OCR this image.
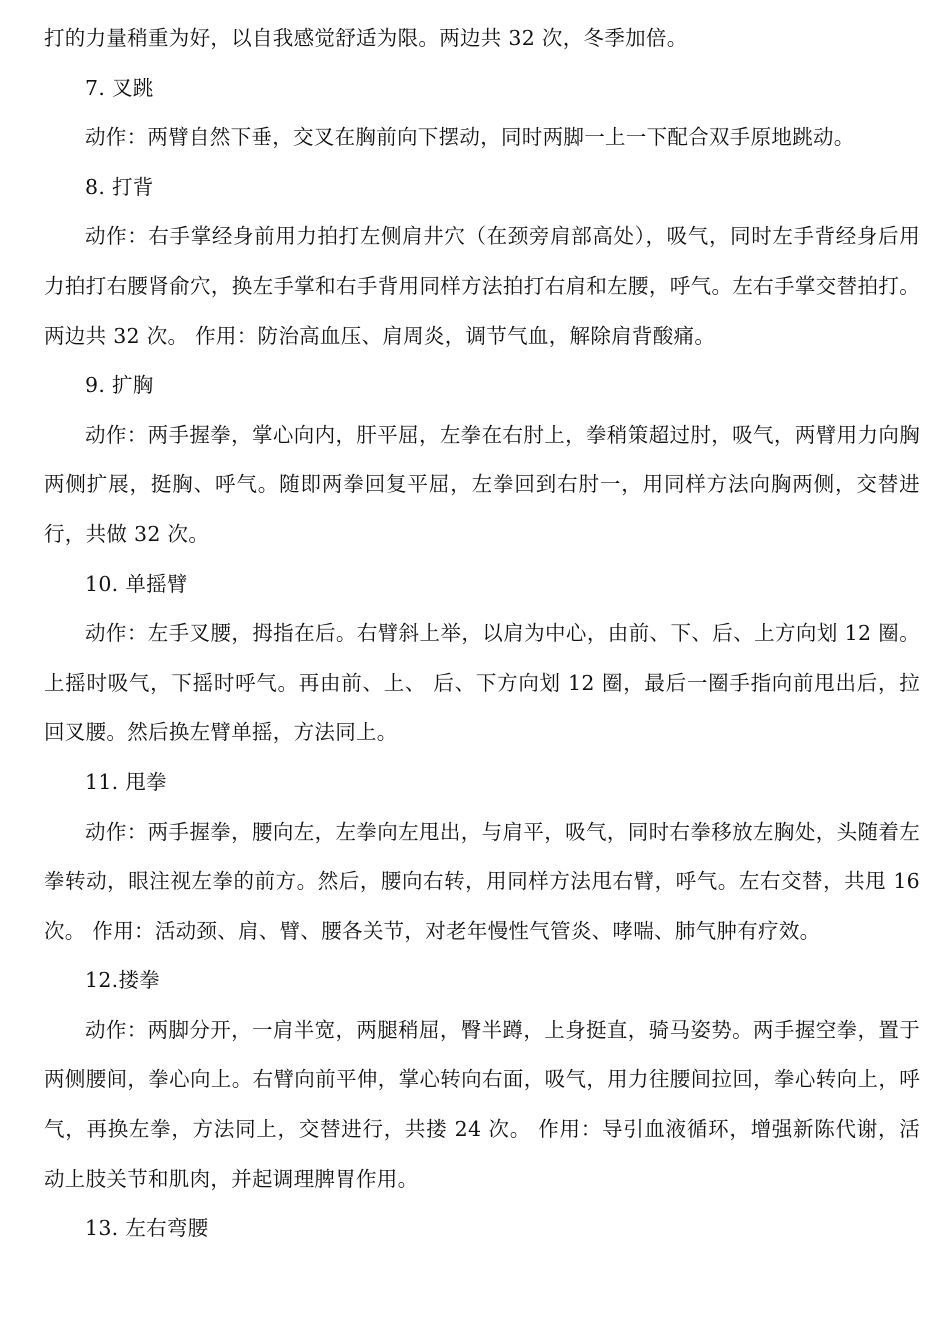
打的力量稍重为好，以自我感觉舒适为限。两边共 32 次，冬季加倍。

7. 叉跳

动作：两臂自然下垂，交叉在胸前向下摆动，同时两脚一上一下配合双手原地跳动。

8. 打背

动作：右手掌经身前用力拍打左侧肩井穴（在颈旁肩部高处），吸气，同时左手背经身后用力拍打右腰肾俞穴，换左手掌和右手背用同样方法拍打右肩和左腰，呼气。左右手掌交替拍打。两边共 32 次。 作用：防治高血压、肩周炎，调节气血，解除肩背酸痛。

9. 扩胸

动作：两手握拳，掌心向内，肝平屈，左拳在右肘上，拳稍策超过肘，吸气，两臂用力向胸两侧扩展，挺胸、呼气。随即两拳回复平屈，左拳回到右肘一，用同样方法向胸两侧，交替进行，共做 32 次。

10. 单摇臂

动作：左手叉腰，拇指在后。右臂斜上举，以肩为中心，由前、下、后、上方向划 12 圈。上摇时吸气，下摇时呼气。再由前、上、 后、下方向划 12 圈，最后一圈手指向前甩出后，拉回叉腰。然后换左臂单摇，方法同上。

11. 甩拳

动作：两手握拳，腰向左，左拳向左甩出，与肩平，吸气，同时右拳移放左胸处，头随着左拳转动，眼注视左拳的前方。然后，腰向右转，用同样方法甩右臂，呼气。左右交替，共甩 16 次。 作用：活动颈、肩、臂、腰各关节，对老年慢性气管炎、哮喘、肺气肿有疗效。

12.搂拳

动作：两脚分开，一肩半宽，两腿稍屈，臀半蹲，上身挺直，骑马姿势。两手握空拳，置于两侧腰间，拳心向上。右臂向前平伸，掌心转向右面，吸气，用力往腰间拉回，拳心转向上，呼气，再换左拳，方法同上，交替进行，共搂 24 次。 作用：导引血液循环，增强新陈代谢，活动上肢关节和肌肉，并起调理脾胃作用。

13. 左右弯腰
